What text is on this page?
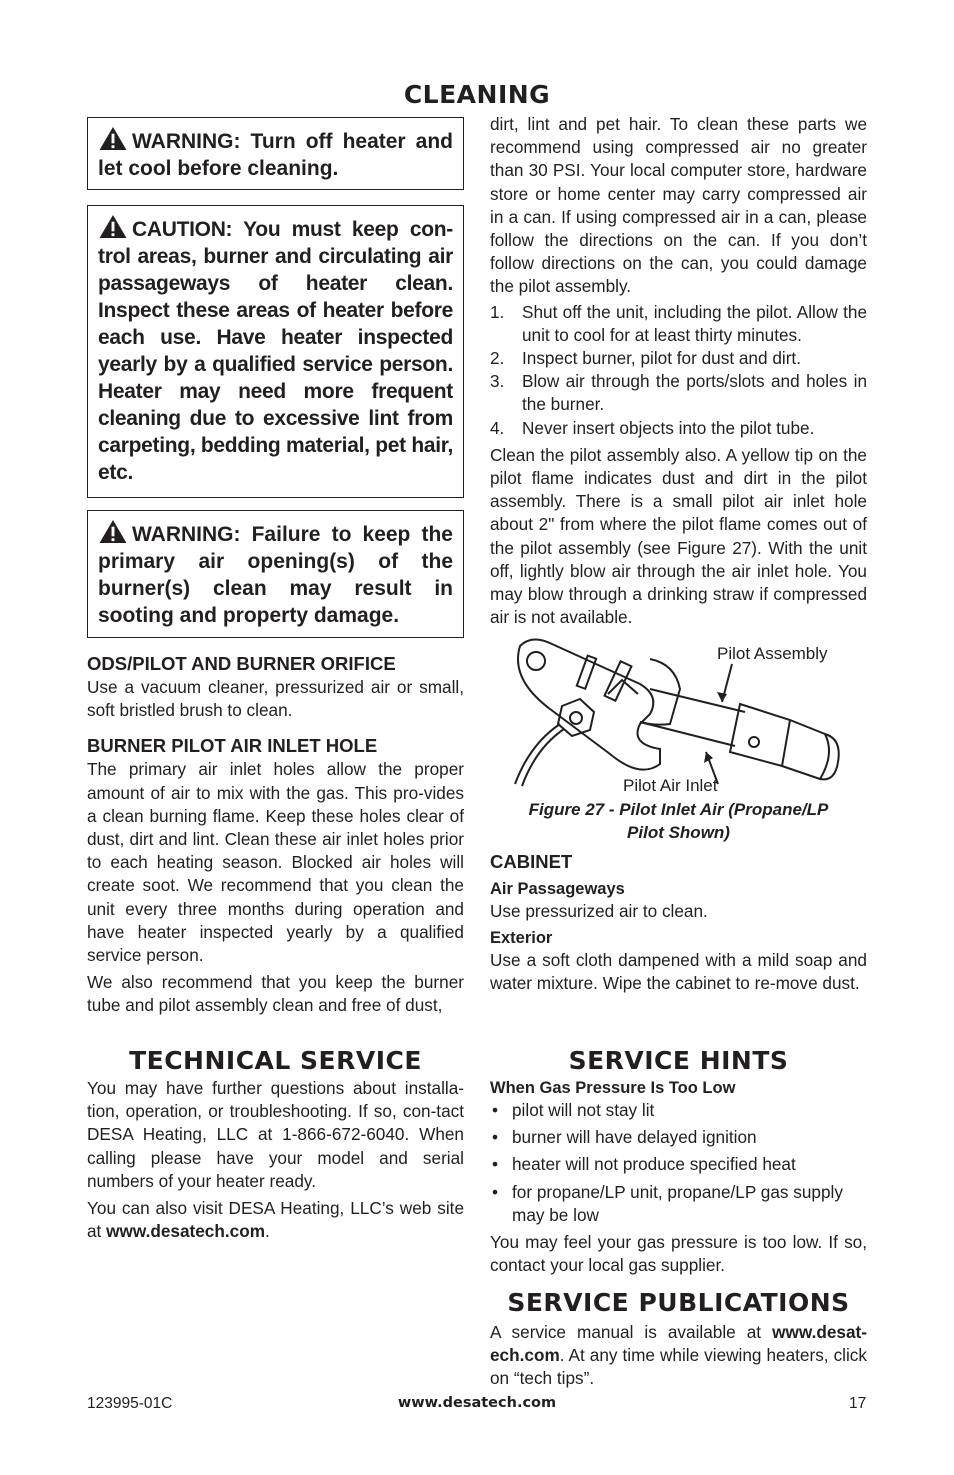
CLEANING
WARNING: Turn off heater and let cool before cleaning.
CAUTION: You must keep con-trol areas, burner and circulating air passageways of heater clean. Inspect these areas of heater before each use. Have heater inspected yearly by a qualified service person. Heater may need more frequent cleaning due to excessive lint from carpeting, bedding material, pet hair, etc.
WARNING: Failure to keep the primary air opening(s) of the burner(s) clean may result in sooting and property damage.
ODS/PILOT AND BURNER ORIFICE

Use a vacuum cleaner, pressurized air or small, soft bristled brush to clean.

BURNER PILOT AIR INLET HOLE

The primary air inlet holes allow the proper amount of air to mix with the gas. This pro-vides a clean burning flame. Keep these holes clear of dust, dirt and lint. Clean these air inlet holes prior to each heating season. Blocked air holes will create soot. We recommend that you clean the unit every three months during operation and have heater inspected yearly by a qualified service person.

We also recommend that you keep the burner tube and pilot assembly clean and free of dust,

dirt, lint and pet hair. To clean these parts we recommend using compressed air no greater than 30 PSI. Your local computer store, hardware store or home center may carry compressed air in a can. If using compressed air in a can, please follow the directions on the can. If you don’t follow directions on the can, you could damage the pilot assembly.

1. Shut off the unit, including the pilot. Allow the unit to cool for at least thirty minutes.
2. Inspect burner, pilot for dust and dirt.
3. Blow air through the ports/slots and holes in the burner.
4. Never insert objects into the pilot tube.

Clean the pilot assembly also. A yellow tip on the pilot flame indicates dust and dirt in the pilot assembly. There is a small pilot air inlet hole about 2" from where the pilot flame comes out of the pilot assembly (see Figure 27). With the unit off, lightly blow air through the air inlet hole. You may blow through a drinking straw if compressed air is not available.

Pilot Assembly
Pilot Air Inlet
Figure 27 - Pilot Inlet Air (Propane/LP
Pilot Shown)
CABINET
Air Passageways

Use pressurized air to clean.

Exterior

Use a soft cloth dampened with a mild soap and water mixture. Wipe the cabinet to re-move dust.

TECHNICAL SERVICE

You may have further questions about installa-tion, operation, or troubleshooting. If so, con-tact DESA Heating, LLC at 1-866-672-6040. When calling please have your model and serial numbers of your heater ready.

You can also visit DESA Heating, LLC’s web site at www.desatech.com.

SERVICE HINTS
When Gas Pressure Is Too Low
• pilot will not stay lit
• burner will have delayed ignition
• heater will not produce specified heat
• for propane/LP unit, propane/LP gas supply may be low

You may feel your gas pressure is too low. If so, contact your local gas supplier.

SERVICE PUBLICATIONS

A service manual is available at www.desat-ech.com. At any time while viewing heaters, click on “tech tips”.

123995-01C	www.desatech.com	17
